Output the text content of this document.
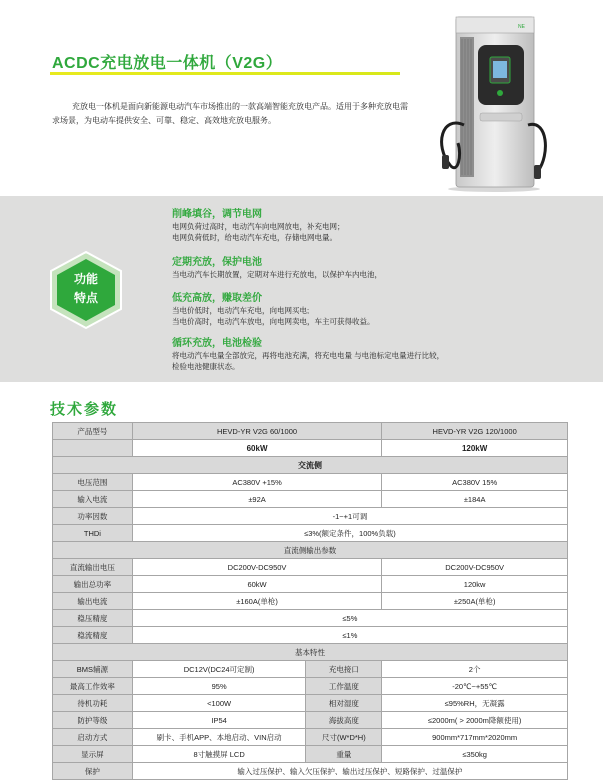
ACDC充电放电一体机（V2G）

充放电一体机是面向新能源电动汽车市场推出的一款高端智能充放电产品。适用于多种充放电需求场景，为电动车提供安全、可靠、稳定、高效地充放电服务。

NE
功能
特点
削峰填谷，调节电网
电网负荷过高时，电动汽车向电网放电，补充电网；
电网负荷低时，给电动汽车充电，存储电网电量。
定期充放，保护电池
当电动汽车长期放置，定期对车进行充放电，以保护车内电池，
低充高放，赚取差价
当电价低时，电动汽车充电，向电网买电;
当电价高时，电动汽车放电，向电网卖电，车主可获得收益。
循环充放，电池检验
将电动汽车电量全部放完，再将电池充满，将充电电量 与电池标定电量进行比较，
检验电池健康状态。
技术参数
产品型号	HEVD-YR V2G 60/1000		HEVD-YR V2G 120/1000
	60kW		120kW
交流侧			
电压范围	AC380V +15%		AC380V 15%
输入电流	±92A		±184A
功率因数	-1~+1可调		
THDi	≤3%(额定条件，100%负载)		
直流侧输出参数			
直流输出电压	DC200V-DC950V		DC200V-DC950V
输出总功率	60kW		120kw
输出电流	±160A(单枪)		±250A(单枪)
稳压精度	≤5%		
稳流精度	≤1%		
基本特性			
BMS辅源	DC12V(DC24可定制)	充电接口	2个
最高工作效率	95%	工作温度	-20℃~+55℃
待机功耗	<100W	相对湿度	≤95%RH，无凝露
防护等级	IP54	海拔高度	≤2000m( > 2000m降额使用)
启动方式	刷卡、手机APP、本地启动、VIN启动	尺寸(W*D*H)	900mm*717mm*2020mm
显示屏	8寸触摸屏 LCD	重量	≤350kg
保护	输入过压保护、输入欠压保护、输出过压保护、短路保护、过温保护		
